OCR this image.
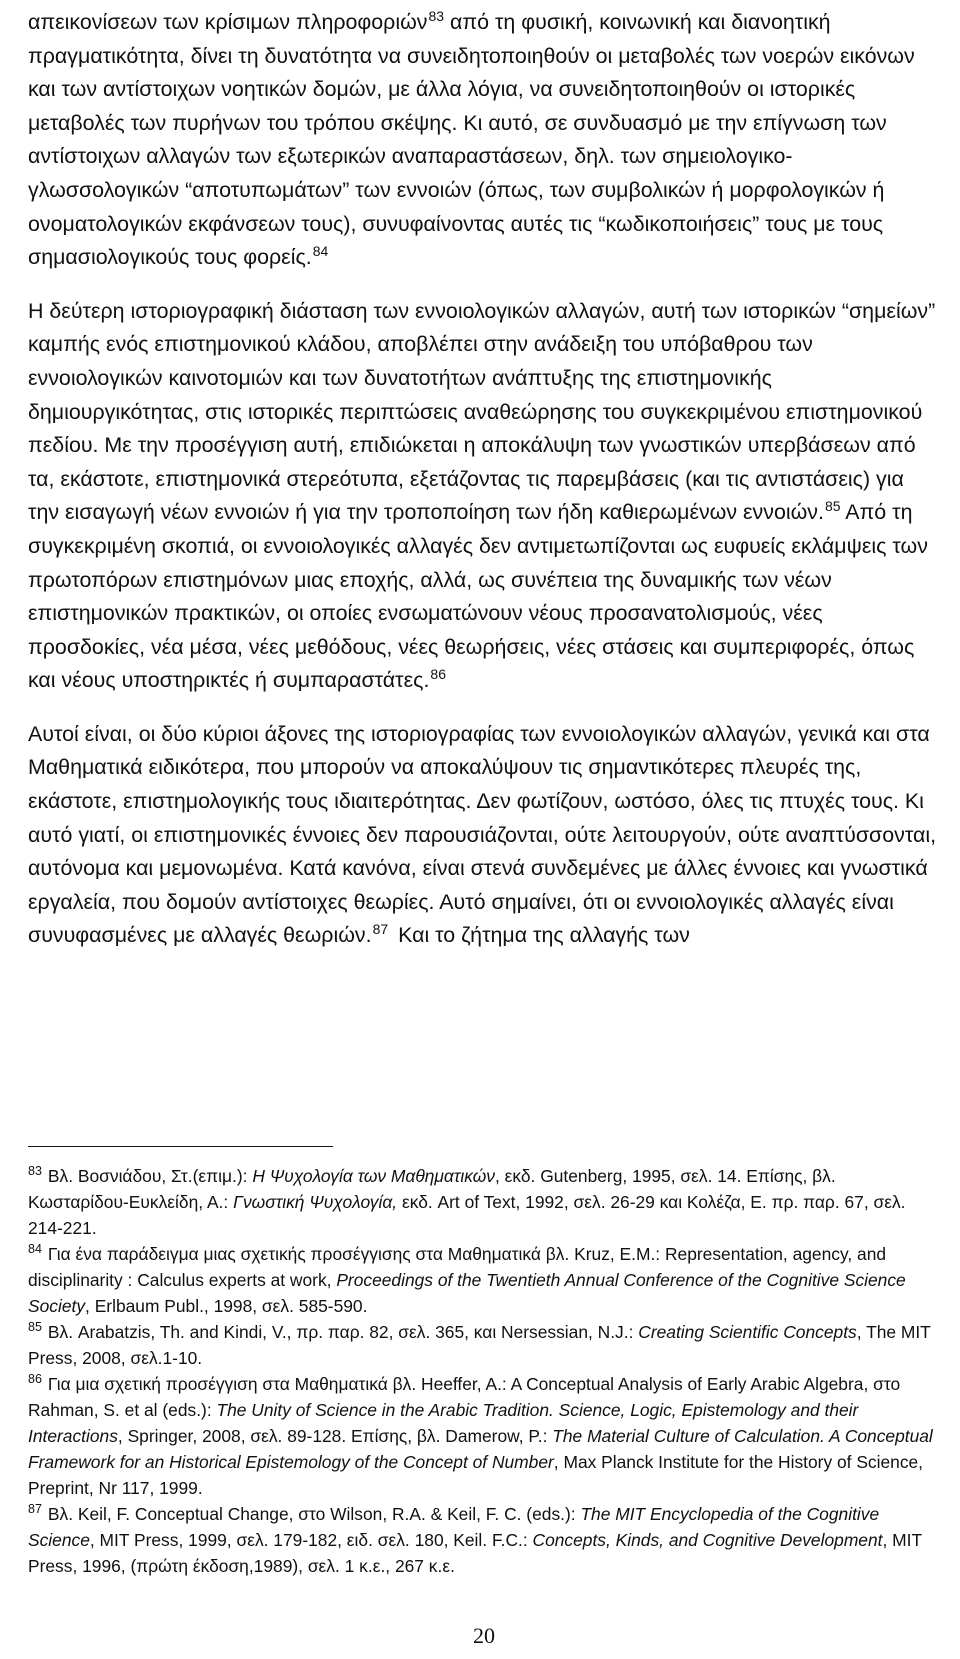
απεικονίσεων των κρίσιμων πληροφοριών$^{83}$ από τη φυσική, κοινωνική και διανοητική πραγματικότητα, δίνει τη δυνατότητα να συνειδητοποιηθούν οι μεταβολές των νοερών εικόνων και των αντίστοιχων νοητικών δομών, με άλλα λόγια, να συνειδητοποιηθούν οι ιστορικές μεταβολές των πυρήνων του τρόπου σκέψης. Κι αυτό, σε συνδυασμό με την επίγνωση των αντίστοιχων αλλαγών των εξωτερικών αναπαραστάσεων, δηλ. των σημειολογικο-γλωσσολογικών “αποτυπωμάτων” των εννοιών (όπως, των συμβολικών ή μορφολογικών ή ονοματολογικών εκφάνσεων τους), συνυφαίνοντας αυτές τις “κωδικοποιήσεις” τους με τους σημασιολογικούς τους φορείς.$^{84}$

Η δεύτερη ιστοριογραφική διάσταση των εννοιολογικών αλλαγών, αυτή των ιστορικών “σημείων” καμπής ενός επιστημονικού κλάδου, αποβλέπει στην ανάδειξη του υπόβαθρου των εννοιολογικών καινοτομιών και των δυνατοτήτων ανάπτυξης της επιστημονικής δημιουργικότητας, στις ιστορικές περιπτώσεις αναθεώρησης του συγκεκριμένου επιστημονικού πεδίου. Με την προσέγγιση αυτή, επιδιώκεται η αποκάλυψη των γνωστικών υπερβάσεων από τα, εκάστοτε, επιστημονικά στερεότυπα, εξετάζοντας τις παρεμβάσεις (και τις αντιστάσεις) για την εισαγωγή νέων εννοιών ή για την τροποποίηση των ήδη καθιερωμένων εννοιών.$^{85}$ Από τη συγκεκριμένη σκοπιά, οι εννοιολογικές αλλαγές δεν αντιμετωπίζονται ως ευφυείς εκλάμψεις των πρωτοπόρων επιστημόνων μιας εποχής, αλλά, ως συνέπεια της δυναμικής των νέων επιστημονικών πρακτικών, οι οποίες ενσωματώνουν νέους προσανατολισμούς, νέες προσδοκίες, νέα μέσα, νέες μεθόδους, νέες θεωρήσεις, νέες στάσεις και συμπεριφορές, όπως και νέους υποστηρικτές ή συμπαραστάτες.$^{86}$

Αυτοί είναι, οι δύο κύριοι άξονες της ιστοριογραφίας των εννοιολογικών αλλαγών, γενικά και στα Μαθηματικά ειδικότερα, που μπορούν να αποκαλύψουν τις σημαντικότερες πλευρές της, εκάστοτε, επιστημολογικής τους ιδιαιτερότητας. Δεν φωτίζουν, ωστόσο, όλες τις πτυχές τους. Κι αυτό γιατί, οι επιστημονικές έννοιες δεν παρουσιάζονται, ούτε λειτουργούν, ούτε αναπτύσσονται, αυτόνομα και μεμονωμένα. Κατά κανόνα, είναι στενά συνδεμένες με άλλες έννοιες και γνωστικά εργαλεία, που δομούν αντίστοιχες θεωρίες. Αυτό σημαίνει, ότι οι εννοιολογικές αλλαγές είναι συνυφασμένες με αλλαγές θεωριών.$^{87}$ Και το ζήτημα της αλλαγής των

$^{83}$ Βλ. Βοσνιάδου, Στ.(επιμ.): Η Ψυχολογία των Μαθηματικών, εκδ. Gutenberg, 1995, σελ. 14. Επίσης, βλ. Κωσταρίδου-Ευκλείδη, Α.: Γνωστική Ψυχολογία, εκδ. Art of Text, 1992, σελ. 26-29 και Κολέζα, Ε. πρ. παρ. 67, σελ. 214-221.

$^{84}$ Για ένα παράδειγμα μιας σχετικής προσέγγισης στα Μαθηματικά βλ. Kruz, E.M.: Representation, agency, and disciplinarity : Calculus experts at work, Proceedings of the Twentieth Annual Conference of the Cognitive Science Society, Erlbaum Publ., 1998, σελ. 585-590.

$^{85}$ Βλ. Arabatzis, Th. and Kindi, V., πρ. παρ. 82, σελ. 365, και Nersessian, N.J.: Creating Scientific Concepts, The MIT Press, 2008, σελ.1-10.

$^{86}$ Για μια σχετική προσέγγιση στα Μαθηματικά βλ. Heeffer, A.: A Conceptual Analysis of Early Arabic Algebra, στο Rahman, S. et al (eds.): The Unity of Science in the Arabic Tradition. Science, Logic, Epistemology and their Interactions, Springer, 2008, σελ. 89-128. Επίσης, βλ. Damerow, P.: The Material Culture of Calculation. A Conceptual Framework for an Historical Epistemology of the Concept of Number, Max Planck Institute for the History of Science, Preprint, Nr 117, 1999.

$^{87}$ Βλ. Keil, F. Conceptual Change, στο Wilson, R.A. & Keil, F. C. (eds.): The MIT Encyclopedia of the Cognitive Science, MIT Press, 1999, σελ. 179-182, ειδ. σελ. 180, Keil. F.C.: Concepts, Kinds, and Cognitive Development, MIT Press, 1996, (πρώτη έκδοση,1989), σελ. 1 κ.ε., 267 κ.ε.

20
